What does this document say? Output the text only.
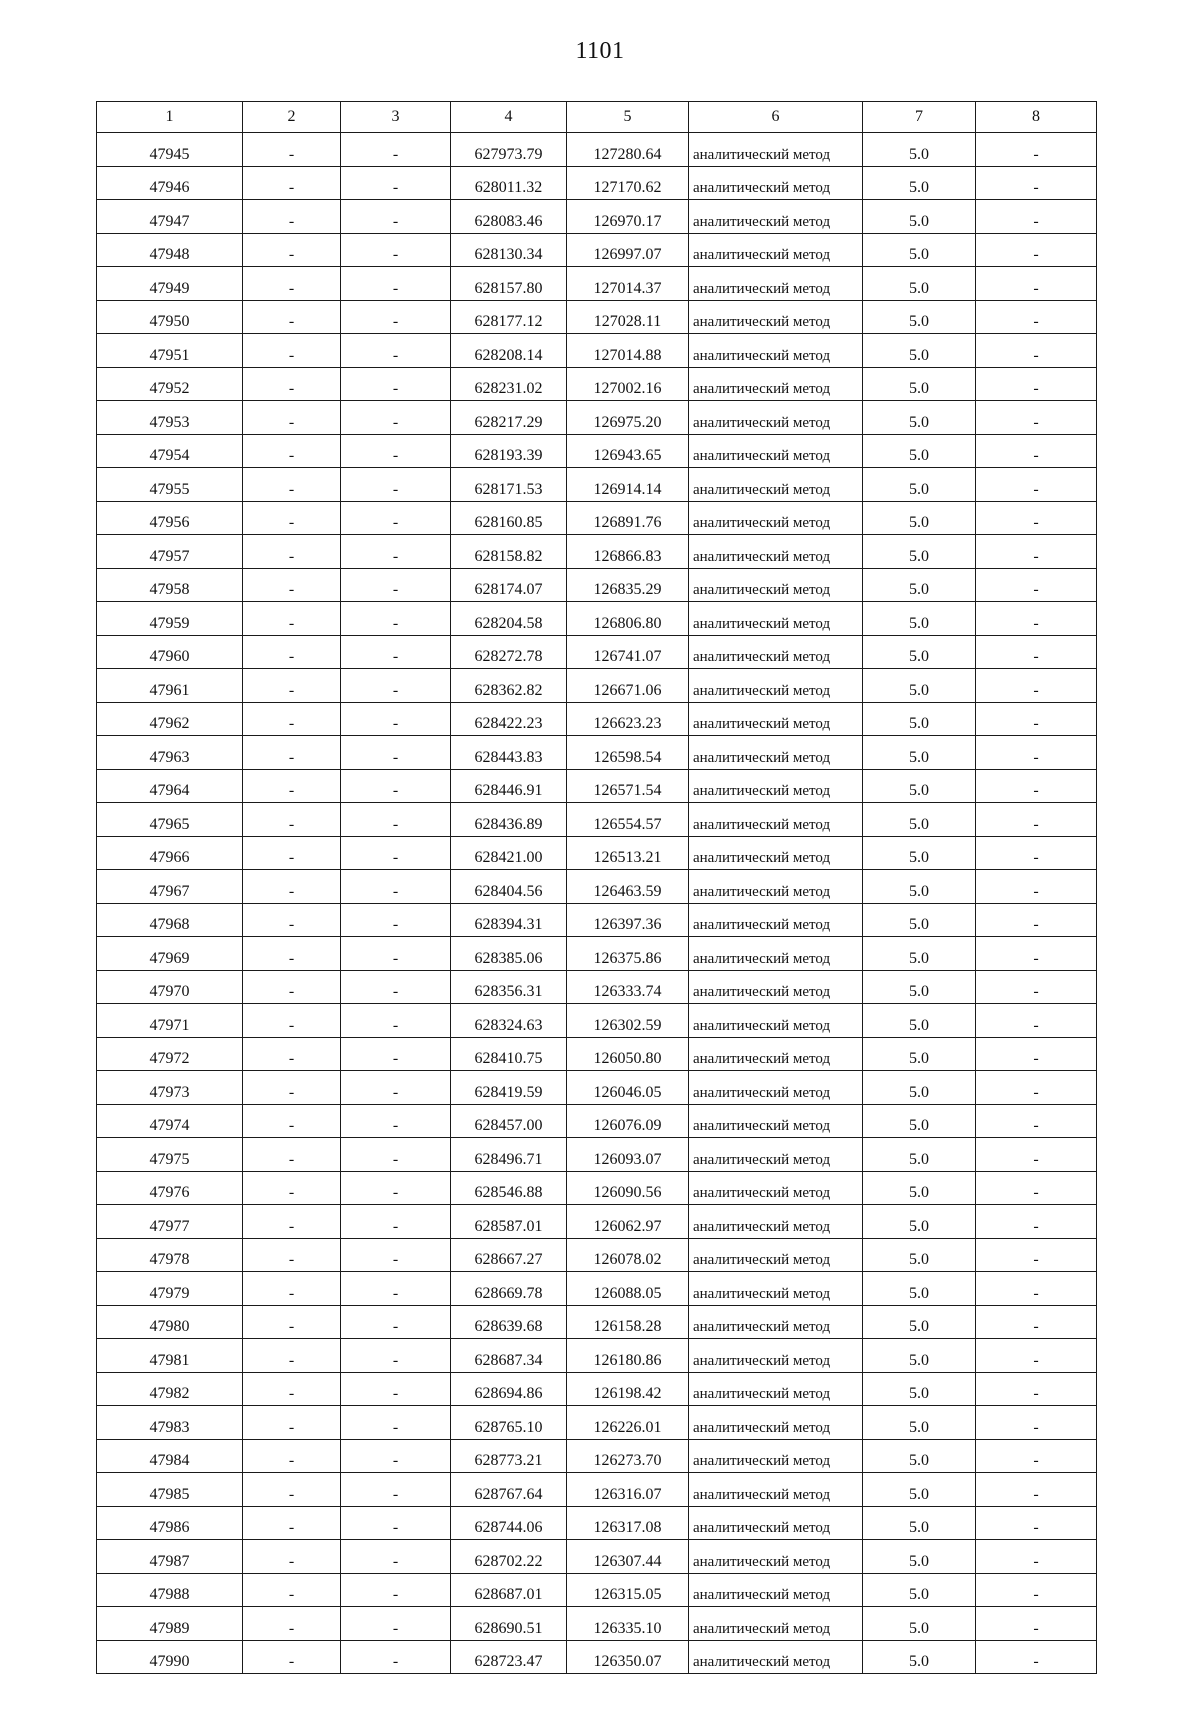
1101
1	2	3	4	5	6	7	8
47945	-	-	627973.79	127280.64	аналитический метод	5.0	-
47946	-	-	628011.32	127170.62	аналитический метод	5.0	-
47947	-	-	628083.46	126970.17	аналитический метод	5.0	-
47948	-	-	628130.34	126997.07	аналитический метод	5.0	-
47949	-	-	628157.80	127014.37	аналитический метод	5.0	-
47950	-	-	628177.12	127028.11	аналитический метод	5.0	-
47951	-	-	628208.14	127014.88	аналитический метод	5.0	-
47952	-	-	628231.02	127002.16	аналитический метод	5.0	-
47953	-	-	628217.29	126975.20	аналитический метод	5.0	-
47954	-	-	628193.39	126943.65	аналитический метод	5.0	-
47955	-	-	628171.53	126914.14	аналитический метод	5.0	-
47956	-	-	628160.85	126891.76	аналитический метод	5.0	-
47957	-	-	628158.82	126866.83	аналитический метод	5.0	-
47958	-	-	628174.07	126835.29	аналитический метод	5.0	-
47959	-	-	628204.58	126806.80	аналитический метод	5.0	-
47960	-	-	628272.78	126741.07	аналитический метод	5.0	-
47961	-	-	628362.82	126671.06	аналитический метод	5.0	-
47962	-	-	628422.23	126623.23	аналитический метод	5.0	-
47963	-	-	628443.83	126598.54	аналитический метод	5.0	-
47964	-	-	628446.91	126571.54	аналитический метод	5.0	-
47965	-	-	628436.89	126554.57	аналитический метод	5.0	-
47966	-	-	628421.00	126513.21	аналитический метод	5.0	-
47967	-	-	628404.56	126463.59	аналитический метод	5.0	-
47968	-	-	628394.31	126397.36	аналитический метод	5.0	-
47969	-	-	628385.06	126375.86	аналитический метод	5.0	-
47970	-	-	628356.31	126333.74	аналитический метод	5.0	-
47971	-	-	628324.63	126302.59	аналитический метод	5.0	-
47972	-	-	628410.75	126050.80	аналитический метод	5.0	-
47973	-	-	628419.59	126046.05	аналитический метод	5.0	-
47974	-	-	628457.00	126076.09	аналитический метод	5.0	-
47975	-	-	628496.71	126093.07	аналитический метод	5.0	-
47976	-	-	628546.88	126090.56	аналитический метод	5.0	-
47977	-	-	628587.01	126062.97	аналитический метод	5.0	-
47978	-	-	628667.27	126078.02	аналитический метод	5.0	-
47979	-	-	628669.78	126088.05	аналитический метод	5.0	-
47980	-	-	628639.68	126158.28	аналитический метод	5.0	-
47981	-	-	628687.34	126180.86	аналитический метод	5.0	-
47982	-	-	628694.86	126198.42	аналитический метод	5.0	-
47983	-	-	628765.10	126226.01	аналитический метод	5.0	-
47984	-	-	628773.21	126273.70	аналитический метод	5.0	-
47985	-	-	628767.64	126316.07	аналитический метод	5.0	-
47986	-	-	628744.06	126317.08	аналитический метод	5.0	-
47987	-	-	628702.22	126307.44	аналитический метод	5.0	-
47988	-	-	628687.01	126315.05	аналитический метод	5.0	-
47989	-	-	628690.51	126335.10	аналитический метод	5.0	-
47990	-	-	628723.47	126350.07	аналитический метод	5.0	-
